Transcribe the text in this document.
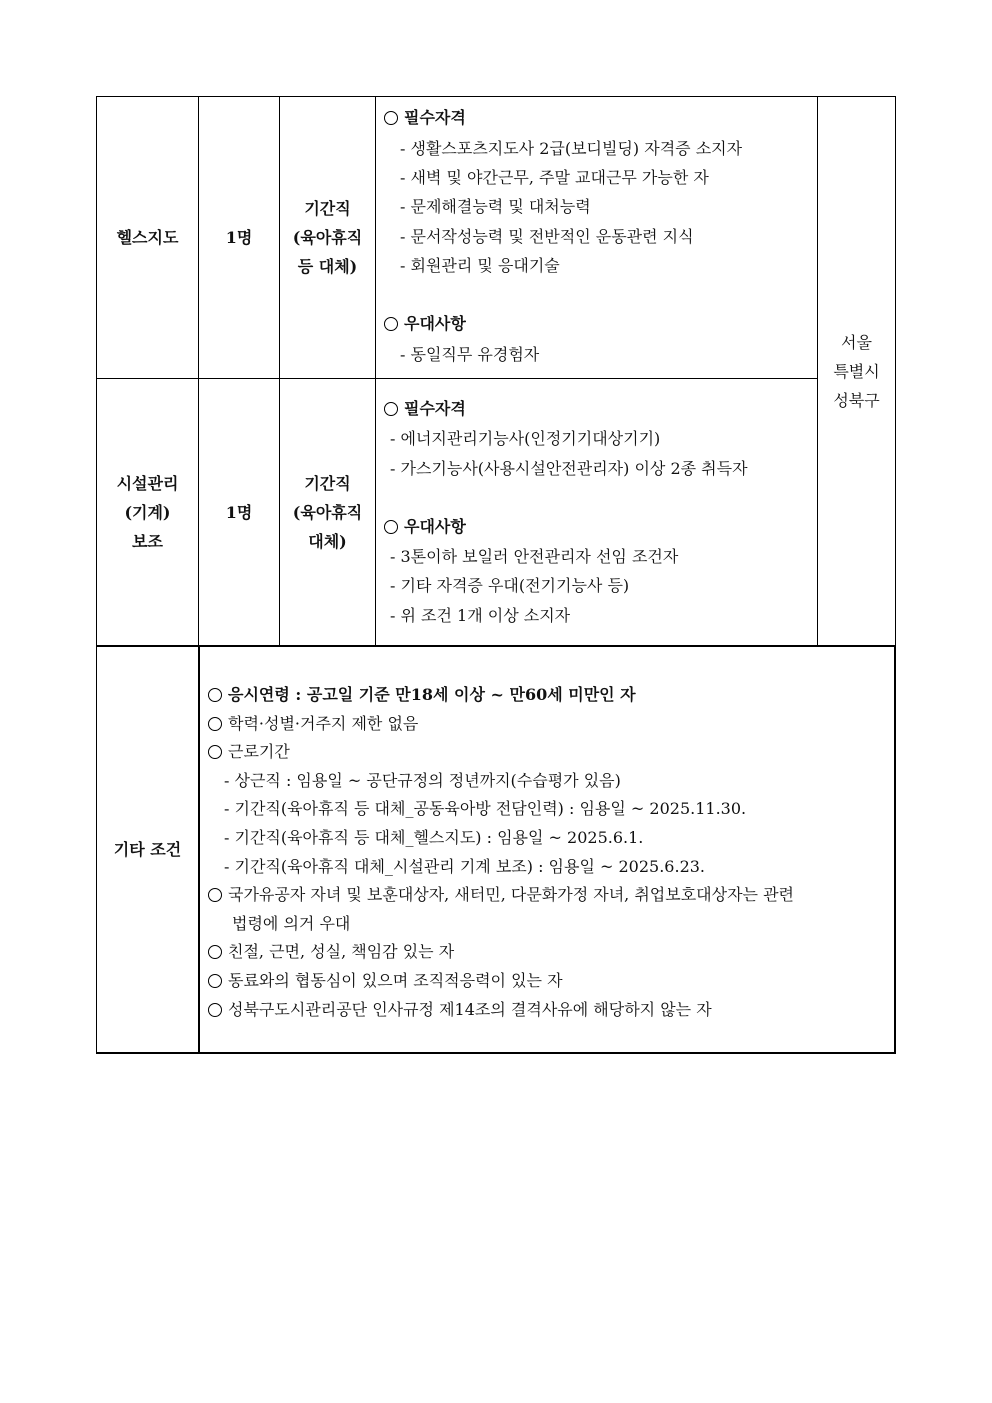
헬스지도	1명
기간직
(육아휴직
등 대체)
필수자격
- 생활스포츠지도사 2급(보디빌딩) 자격증 소지자
- 새벽 및 야간근무, 주말 교대근무 가능한 자
- 문제해결능력 및 대처능력
- 문서작성능력 및 전반적인 운동관련 지식
- 회원관리 및 응대기술
우대사항
- 동일직무 유경험자
시설관리
(기계)
보조
1명
기간직
(육아휴직
대체)
필수자격
- 에너지관리기능사(인정기기대상기기)
- 가스기능사(사용시설안전관리자) 이상 2종 취득자
우대사항
- 3톤이하 보일러 안전관리자 선임 조건자
- 기타 자격증 우대(전기기능사 등)
- 위 조건 1개 이상 소지자
서울
특별시
성북구
기타 조건
응시연령 : 공고일 기준 만18세 이상 ~ 만60세 미만인 자
학력·성별·거주지 제한 없음
근로기간
- 상근직 : 임용일 ~ 공단규정의 정년까지(수습평가 있음)
- 기간직(육아휴직 등 대체_공동육아방 전담인력) : 임용일 ~ 2025.11.30.
- 기간직(육아휴직 등 대체_헬스지도) : 임용일 ~ 2025.6.1.
- 기간직(육아휴직 대체_시설관리 기계 보조) : 임용일 ~ 2025.6.23.
국가유공자 자녀 및 보훈대상자, 새터민, 다문화가정 자녀, 취업보호대상자는 관련
법령에 의거 우대
친절, 근면, 성실, 책임감 있는 자
동료와의 협동심이 있으며 조직적응력이 있는 자
성북구도시관리공단 인사규정 제14조의 결격사유에 해당하지 않는 자
